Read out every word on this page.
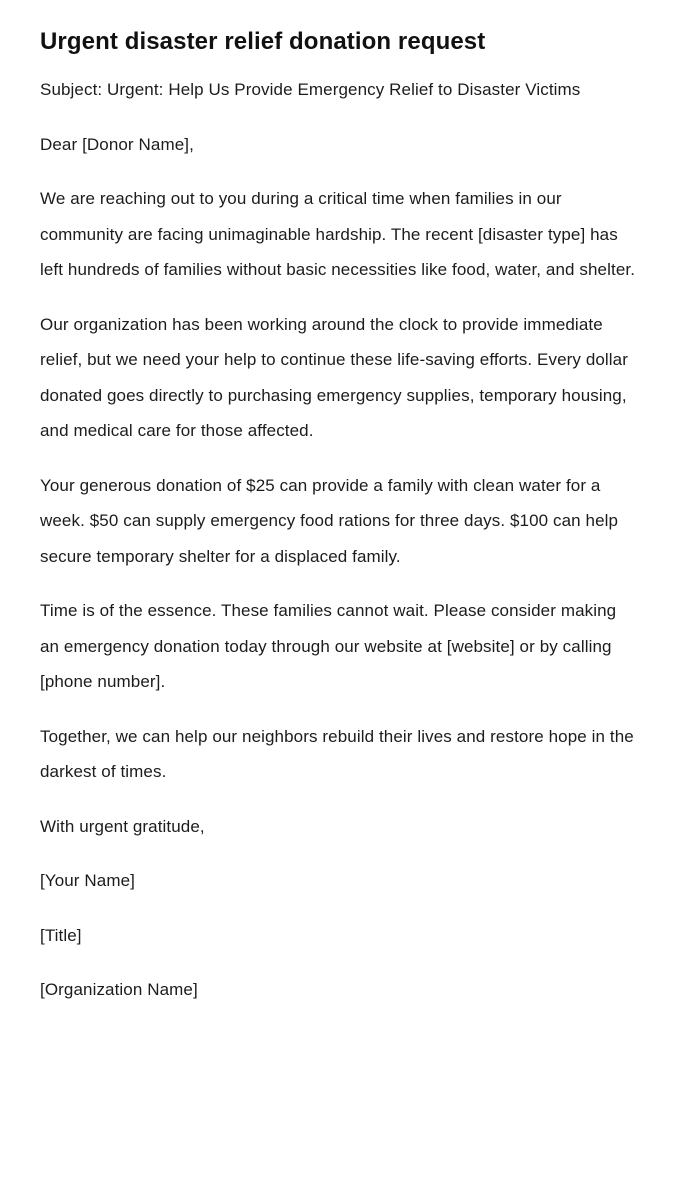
Urgent disaster relief donation request

Subject: Urgent: Help Us Provide Emergency Relief to Disaster Victims

Dear [Donor Name],

We are reaching out to you during a critical time when families in our community are facing unimaginable hardship. The recent [disaster type] has left hundreds of families without basic necessities like food, water, and shelter.

Our organization has been working around the clock to provide immediate relief, but we need your help to continue these life-saving efforts. Every dollar donated goes directly to purchasing emergency supplies, temporary housing, and medical care for those affected.

Your generous donation of $25 can provide a family with clean water for a week. $50 can supply emergency food rations for three days. $100 can help secure temporary shelter for a displaced family.

Time is of the essence. These families cannot wait. Please consider making an emergency donation today through our website at [website] or by calling [phone number].

Together, we can help our neighbors rebuild their lives and restore hope in the darkest of times.

With urgent gratitude,

[Your Name]

[Title]

[Organization Name]
